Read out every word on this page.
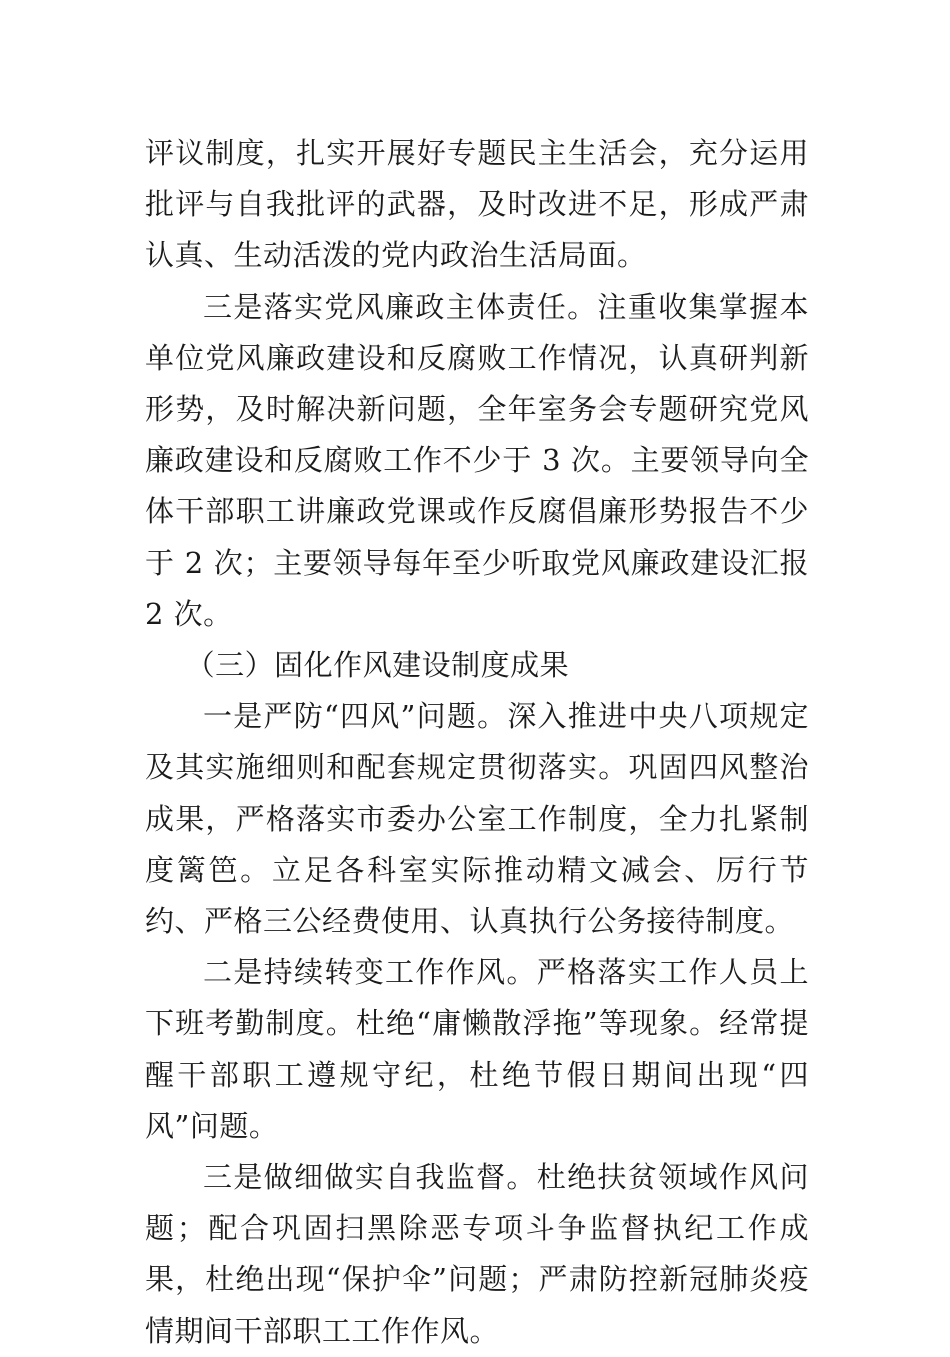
评议制度，扎实开展好专题民主生活会，充分运用批评与自我批评的武器，及时改进不足，形成严肃认真、生动活泼的党内政治生活局面。

三是落实党风廉政主体责任。注重收集掌握本单位党风廉政建设和反腐败工作情况，认真研判新形势，及时解决新问题，全年室务会专题研究党风廉政建设和反腐败工作不少于 3 次。主要领导向全体干部职工讲廉政党课或作反腐倡廉形势报告不少于 2 次；主要领导每年至少听取党风廉政建设汇报 2 次。

（三）固化作风建设制度成果

一是严防“四风”问题。深入推进中央八项规定及其实施细则和配套规定贯彻落实。巩固四风整治成果，严格落实市委办公室工作制度，全力扎紧制度篱笆。立足各科室实际推动精文减会、厉行节约、严格三公经费使用、认真执行公务接待制度。

二是持续转变工作作风。严格落实工作人员上下班考勤制度。杜绝“庸懒散浮拖”等现象。经常提醒干部职工遵规守纪，杜绝节假日期间出现“四风”问题。

三是做细做实自我监督。杜绝扶贫领域作风问题；配合巩固扫黑除恶专项斗争监督执纪工作成果，杜绝出现“保护伞”问题；严肃防控新冠肺炎疫情期间干部职工工作作风。
